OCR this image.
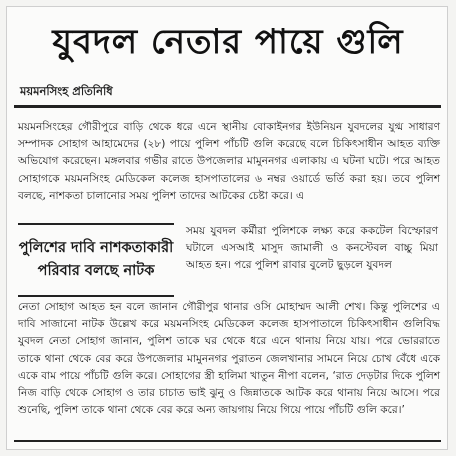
যুবদল নেতার পায়ে গুলি
ময়মনসিংহ প্রতিনিধি
ময়মনসিংহের গৌরীপুরে বাড়ি থেকে ধরে এনে স্থানীয় বোকাইনগর ইউনিয়ন যুবদলের যুগ্ম সাধারণ সম্পাদক সোহাগ আহামেদের (২৮) পায়ে পুলিশ পাঁচটি গুলি করেছে বলে চিকিৎসাধীন আহত ব্যক্তি অভিযোগ করেছেন। মঙ্গলবার গভীর রাতে উপজেলার মামুননগর এলাকায় এ ঘটনা ঘটে। পরে আহত সোহাগকে ময়মনসিংহ মেডিকেল কলেজ হাসপাতালের ৬ নম্বর ওয়ার্ডে ভর্তি করা হয়। তবে পুলিশ বলছে, নাশকতা চালানোর সময় পুলিশ তাদের আটকের চেষ্টা করে। এ
পুলিশের দাবি নাশকতাকারী
পরিবার বলছে নাটক
সময় যুবদল কর্মীরা পুলিশকে লক্ষ্য করে ককটেল বিস্ফোরণ ঘটালে এসআই মাসুদ জামালী ও কনস্টেবল বাচ্চু মিয়া আহত হন। পরে পুলিশ রাবার বুলেট ছুড়লে যুবদল
নেতা সোহাগ আহত হন বলে জানান গৌরীপুর থানার ওসি মোহাম্মদ আলী শেখ। কিন্তু পুলিশের এ দাবি সাজানো নাটক উল্লেখ করে ময়মনসিংহ মেডিকেল কলেজ হাসপাতালে চিকিৎসাধীন গুলিবিদ্ধ যুবদল নেতা সোহাগ জানান, পুলিশ তাকে ঘর থেকে ধরে এনে থানায় নিয়ে যায়। পরে ভোররাতে তাকে থানা থেকে বের করে উপজেলার মামুননগর পুরাতন জেলখানার সামনে নিয়ে চোখ বেঁধে একে একে বাম পায়ে পাঁচটি গুলি করে। সোহাগের স্ত্রী হালিমা খাতুন নীপা বলেন, ‘রাত দেড়টার দিকে পুলিশ নিজ বাড়ি থেকে সোহাগ ও তার চাচাত ভাই ঝুনু ও জিন্নাতকে আটক করে থানায় নিয়ে আসে। পরে শুনেছি, পুলিশ তাকে থানা থেকে বের করে অন্য জায়গায় নিয়ে গিয়ে পায়ে পাঁচটি গুলি করে।’
